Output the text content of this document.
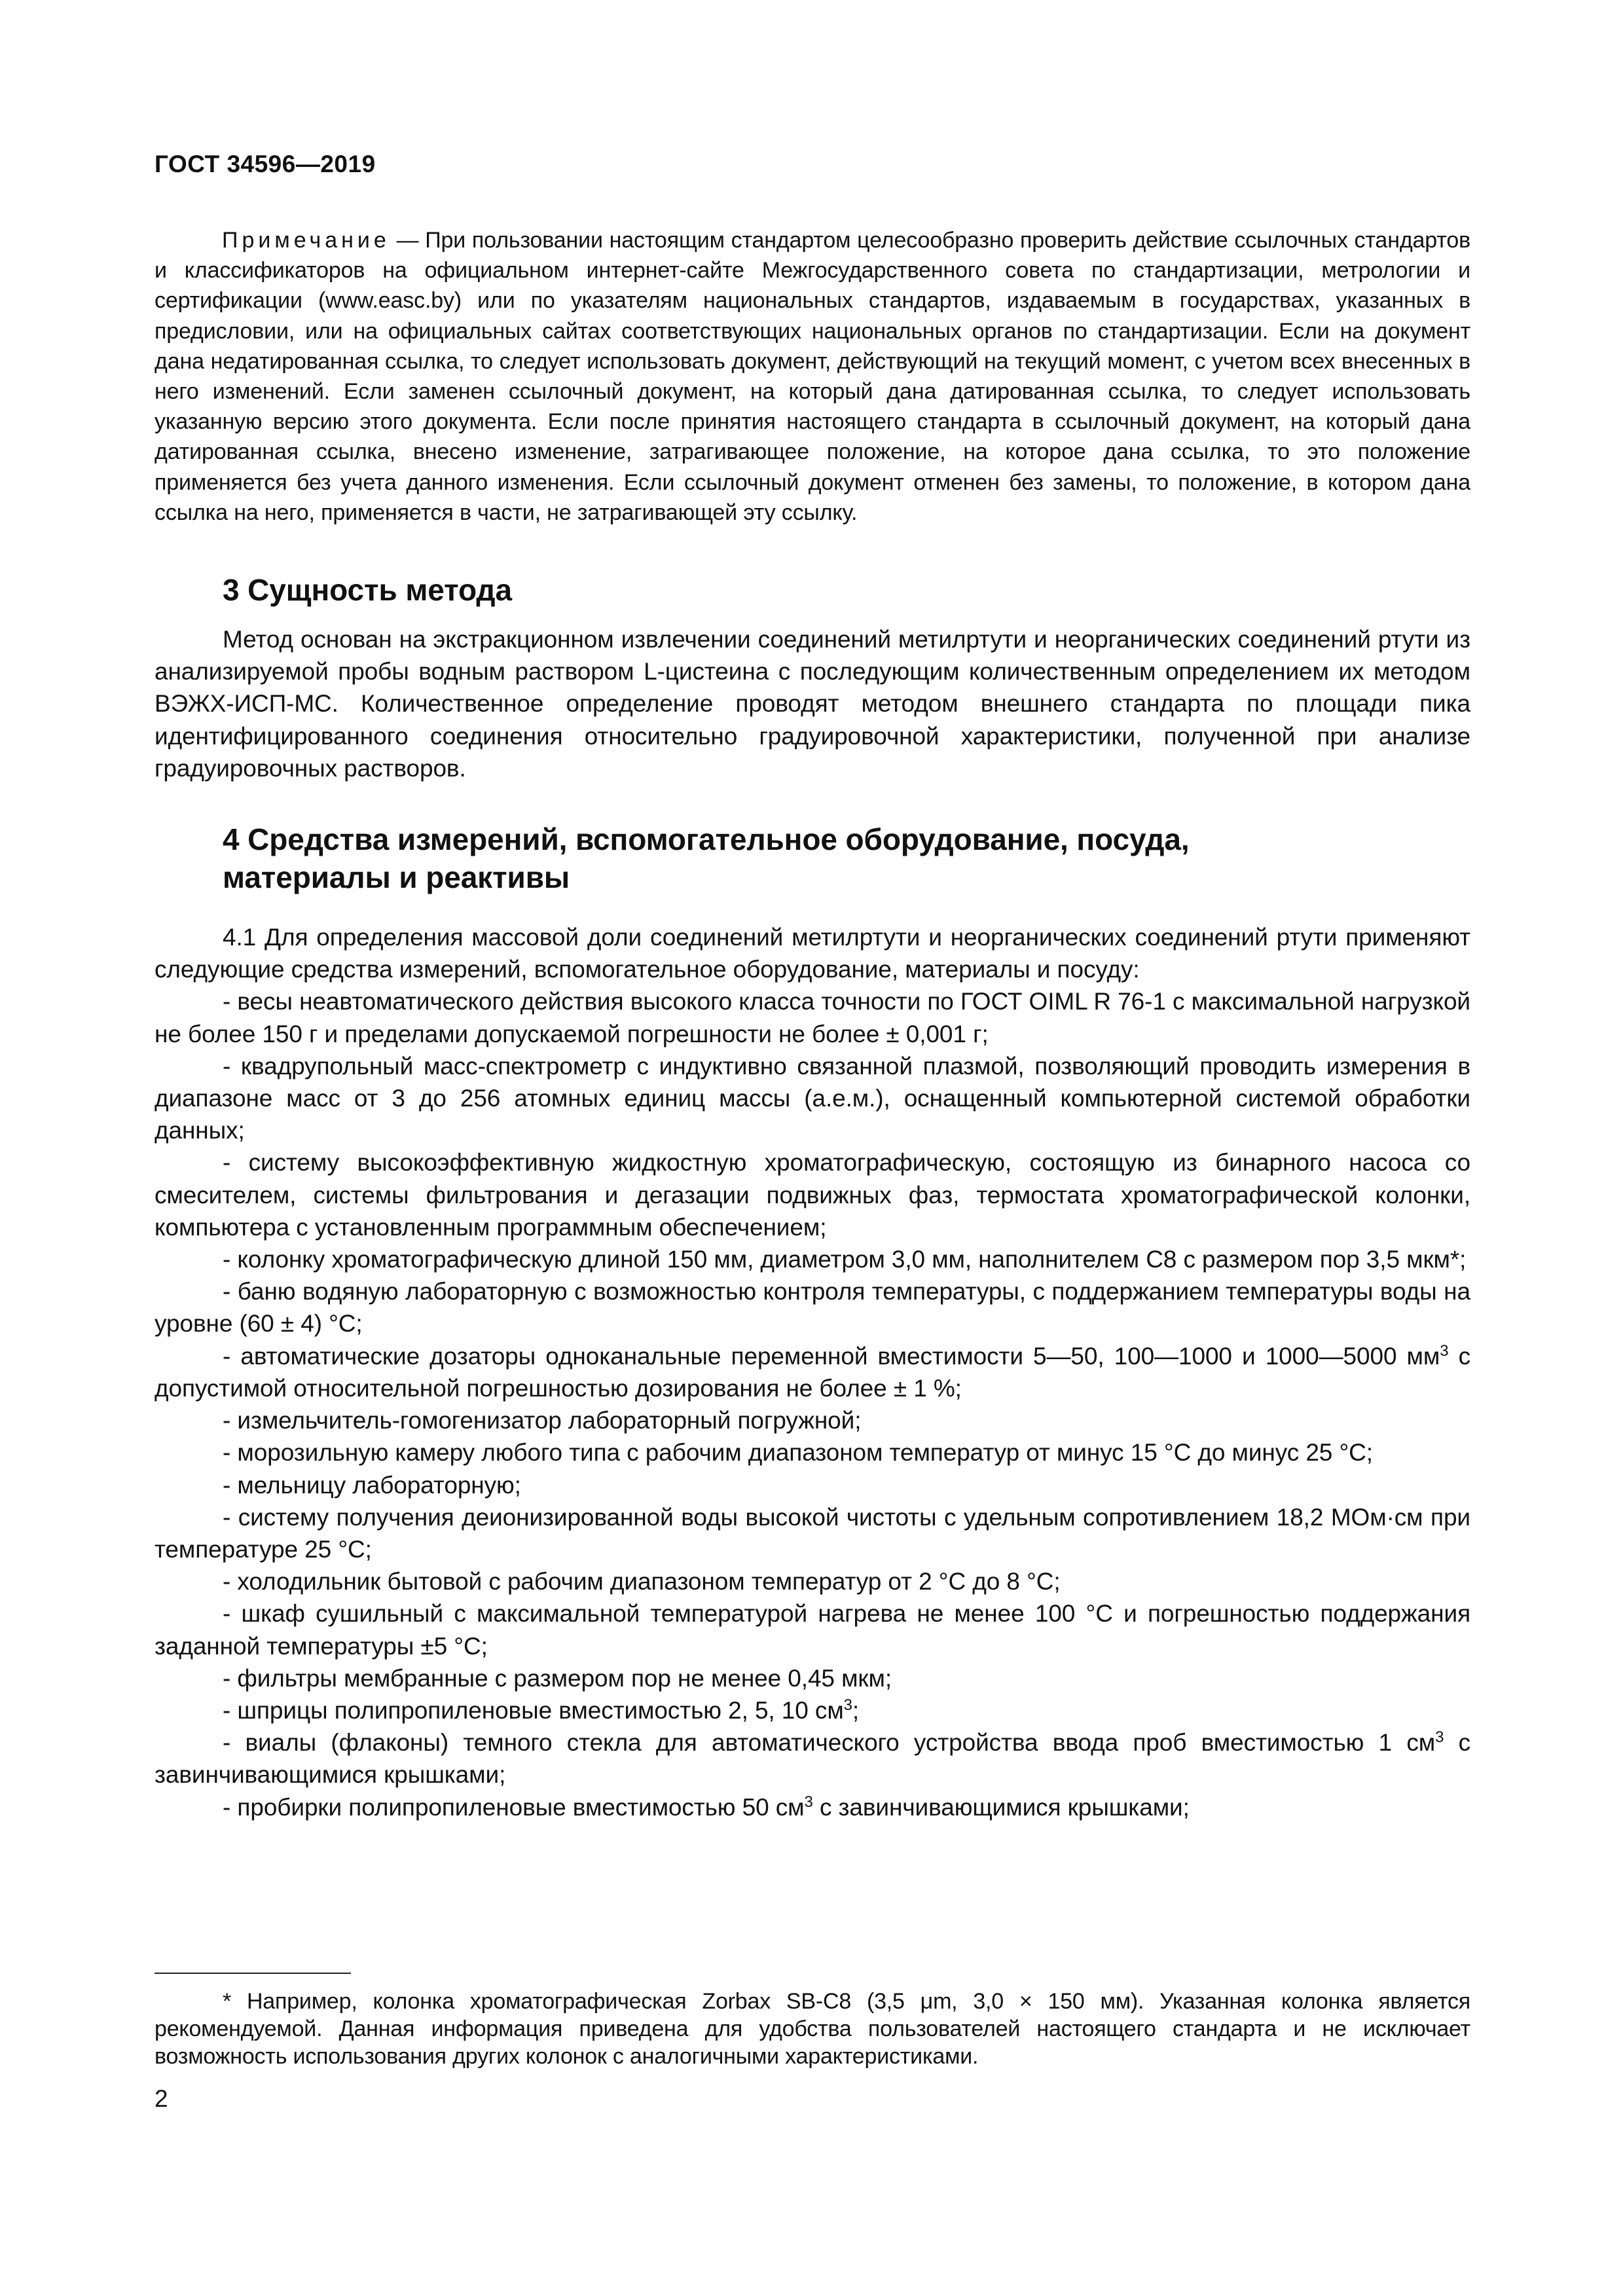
ГОСТ 34596—2019

Примечание — При пользовании настоящим стандартом целесообразно проверить действие ссылочных стандартов и классификаторов на официальном интернет-сайте Межгосударственного совета по стандартизации, метрологии и сертификации (www.easc.by) или по указателям национальных стандартов, издаваемым в государствах, указанных в предисловии, или на официальных сайтах соответствующих национальных органов по стандартизации. Если на документ дана недатированная ссылка, то следует использовать документ, действующий на текущий момент, с учетом всех внесенных в него изменений. Если заменен ссылочный документ, на который дана датированная ссылка, то следует использовать указанную версию этого документа. Если после принятия настоящего стандарта в ссылочный документ, на который дана датированная ссылка, внесено изменение, затрагивающее положение, на которое дана ссылка, то это положение применяется без учета данного изменения. Если ссылочный документ отменен без замены, то положение, в котором дана ссылка на него, применяется в части, не затрагивающей эту ссылку.

3 Сущность метода

Метод основан на экстракционном извлечении соединений метилртути и неорганических соединений ртути из анализируемой пробы водным раствором L-цистеина с последующим количественным определением их методом ВЭЖХ-ИСП-МС. Количественное определение проводят методом внешнего стандарта по площади пика идентифицированного соединения относительно градуировочной характеристики, полученной при анализе градуировочных растворов.

4 Средства измерений, вспомогательное оборудование, посуда,
материалы и реактивы

4.1 Для определения массовой доли соединений метилртути и неорганических соединений ртути применяют следующие средства измерений, вспомогательное оборудование, материалы и посуду:

- весы неавтоматического действия высокого класса точности по ГОСТ OIML R 76-1 с максимальной нагрузкой не более 150 г и пределами допускаемой погрешности не более ± 0,001 г;

- квадрупольный масс-спектрометр с индуктивно связанной плазмой, позволяющий проводить измерения в диапазоне масс от 3 до 256 атомных единиц массы (а.е.м.), оснащенный компьютерной системой обработки данных;

- систему высокоэффективную жидкостную хроматографическую, состоящую из бинарного насоса со смесителем, системы фильтрования и дегазации подвижных фаз, термостата хроматографической колонки, компьютера с установленным программным обеспечением;

- колонку хроматографическую длиной 150 мм, диаметром 3,0 мм, наполнителем С8 с размером пор 3,5 мкм*;

- баню водяную лабораторную с возможностью контроля температуры, с поддержанием температуры воды на уровне (60 ± 4) °С;

- автоматические дозаторы одноканальные переменной вместимости 5—50, 100—1000 и 1000—5000 $мм^3$ с допустимой относительной погрешностью дозирования не более ± 1 %;

- измельчитель-гомогенизатор лабораторный погружной;

- морозильную камеру любого типа с рабочим диапазоном температур от минус 15 °С до минус 25 °С;

- мельницу лабораторную;

- систему получения деионизированной воды высокой чистоты с удельным сопротивлением 18,2 МОм·см при температуре 25 °С;

- холодильник бытовой с рабочим диапазоном температур от 2 °С до 8 °С;

- шкаф сушильный с максимальной температурой нагрева не менее 100 °С и погрешностью поддержания заданной температуры ±5 °С;

- фильтры мембранные с размером пор не менее 0,45 мкм;

- шприцы полипропиленовые вместимостью 2, 5, 10 $см^3$;

- виалы (флаконы) темного стекла для автоматического устройства ввода проб вместимостью 1 $см^3$ с завинчивающимися крышками;

- пробирки полипропиленовые вместимостью 50 $см^3$ с завинчивающимися крышками;

* Например, колонка хроматографическая Zorbax SB-C8 (3,5 μm, 3,0 × 150 мм). Указанная колонка является рекомендуемой. Данная информация приведена для удобства пользователей настоящего стандарта и не исключает возможность использования других колонок с аналогичными характеристиками.

2
